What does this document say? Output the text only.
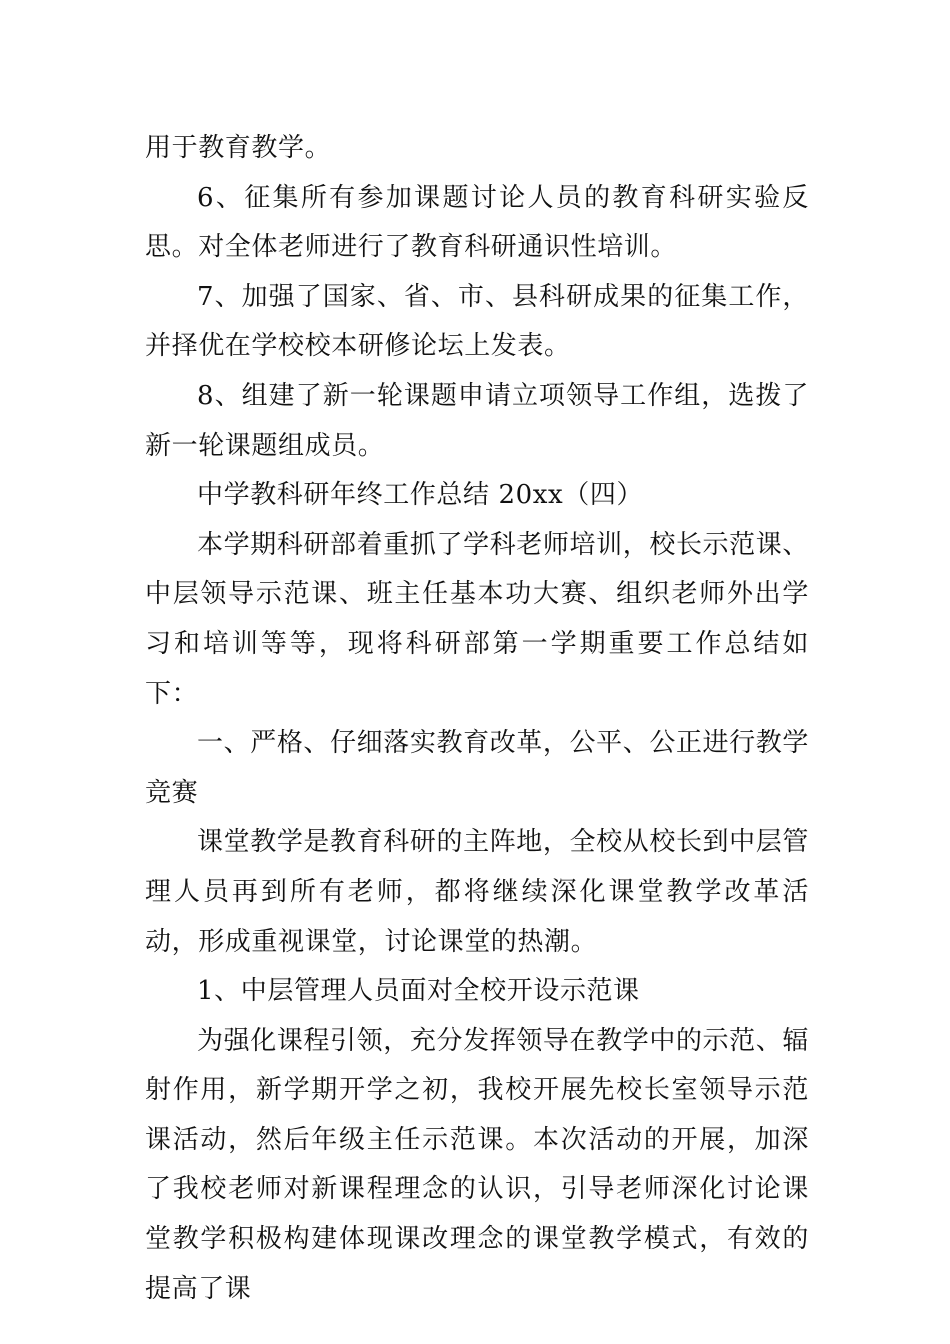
用于教育教学。

6、征集所有参加课题讨论人员的教育科研实验反思。对全体老师进行了教育科研通识性培训。

7、加强了国家、省、市、县科研成果的征集工作，并择优在学校校本研修论坛上发表。

8、组建了新一轮课题申请立项领导工作组，选拨了新一轮课题组成员。

中学教科研年终工作总结 20xx（四）

本学期科研部着重抓了学科老师培训，校长示范课、中层领导示范课、班主任基本功大赛、组织老师外出学习和培训等等，现将科研部第一学期重要工作总结如下：

一、严格、仔细落实教育改革，公平、公正进行教学竞赛

课堂教学是教育科研的主阵地，全校从校长到中层管理人员再到所有老师，都将继续深化课堂教学改革活动，形成重视课堂，讨论课堂的热潮。

1、中层管理人员面对全校开设示范课

为强化课程引领，充分发挥领导在教学中的示范、辐射作用，新学期开学之初，我校开展先校长室领导示范课活动，然后年级主任示范课。本次活动的开展，加深了我校老师对新课程理念的认识，引导老师深化讨论课堂教学积极构建体现课改理念的课堂教学模式，有效的提高了课
